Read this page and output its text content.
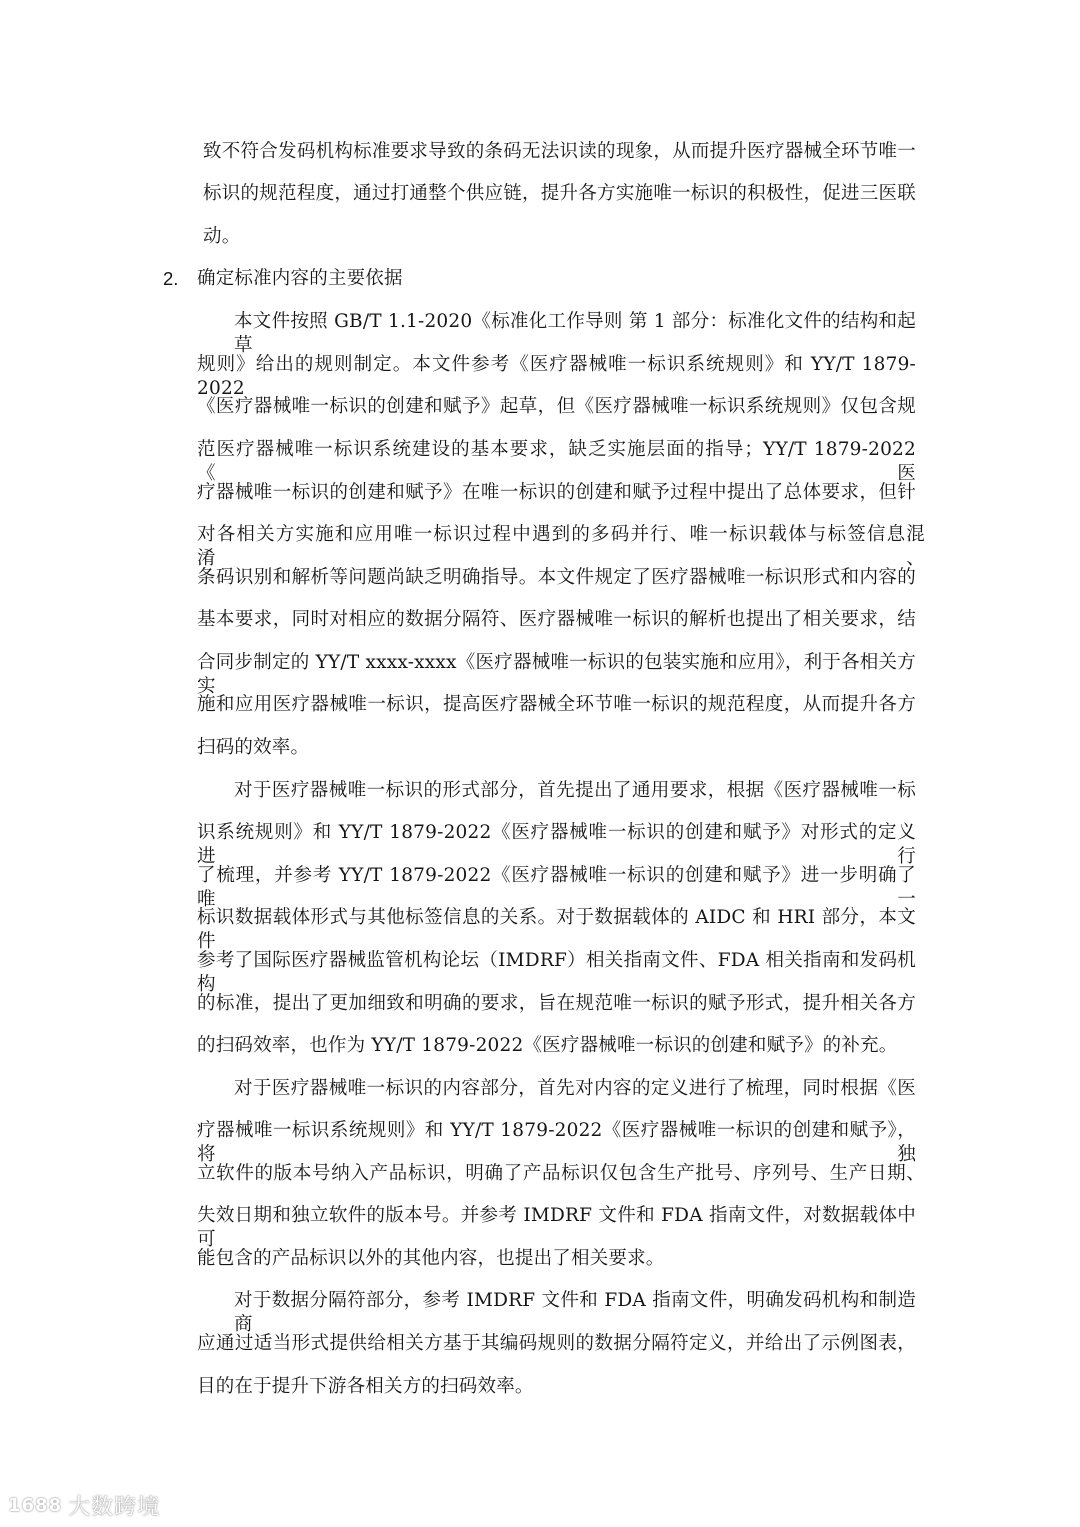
致不符合发码机构标准要求导致的条码无法识读的现象，从而提升医疗器械全环节唯一
标识的规范程度，通过打通整个供应链，提升各方实施唯一标识的积极性，促进三医联
动。
2. 确定标准内容的主要依据
本文件按照 GB/T 1.1-2020《标准化工作导则 第 1 部分：标准化文件的结构和起草
规则》给出的规则制定。本文件参考《医疗器械唯一标识系统规则》和 YY/T 1879-2022
《医疗器械唯一标识的创建和赋予》起草，但《医疗器械唯一标识系统规则》仅包含规
范医疗器械唯一标识系统建设的基本要求，缺乏实施层面的指导；YY/T 1879-2022《医
疗器械唯一标识的创建和赋予》在唯一标识的创建和赋予过程中提出了总体要求，但针
对各相关方实施和应用唯一标识过程中遇到的多码并行、唯一标识载体与标签信息混淆、
条码识别和解析等问题尚缺乏明确指导。本文件规定了医疗器械唯一标识形式和内容的
基本要求，同时对相应的数据分隔符、医疗器械唯一标识的解析也提出了相关要求，结
合同步制定的 YY/T xxxx-xxxx《医疗器械唯一标识的包装实施和应用》，利于各相关方实
施和应用医疗器械唯一标识，提高医疗器械全环节唯一标识的规范程度，从而提升各方
扫码的效率。
对于医疗器械唯一标识的形式部分，首先提出了通用要求，根据《医疗器械唯一标
识系统规则》和 YY/T 1879-2022《医疗器械唯一标识的创建和赋予》对形式的定义进行
了梳理，并参考 YY/T 1879-2022《医疗器械唯一标识的创建和赋予》进一步明确了唯一
标识数据载体形式与其他标签信息的关系。对于数据载体的 AIDC 和 HRI 部分，本文件
参考了国际医疗器械监管机构论坛（IMDRF）相关指南文件、FDA 相关指南和发码机构
的标准，提出了更加细致和明确的要求，旨在规范唯一标识的赋予形式，提升相关各方
的扫码效率，也作为 YY/T 1879-2022《医疗器械唯一标识的创建和赋予》的补充。
对于医疗器械唯一标识的内容部分，首先对内容的定义进行了梳理，同时根据《医
疗器械唯一标识系统规则》和 YY/T 1879-2022《医疗器械唯一标识的创建和赋予》，将独
立软件的版本号纳入产品标识，明确了产品标识仅包含生产批号、序列号、生产日期、
失效日期和独立软件的版本号。并参考 IMDRF 文件和 FDA 指南文件，对数据载体中可
能包含的产品标识以外的其他内容，也提出了相关要求。
对于数据分隔符部分，参考 IMDRF 文件和 FDA 指南文件，明确发码机构和制造商
应通过适当形式提供给相关方基于其编码规则的数据分隔符定义，并给出了示例图表，
目的在于提升下游各相关方的扫码效率。
1688 大数跨境
